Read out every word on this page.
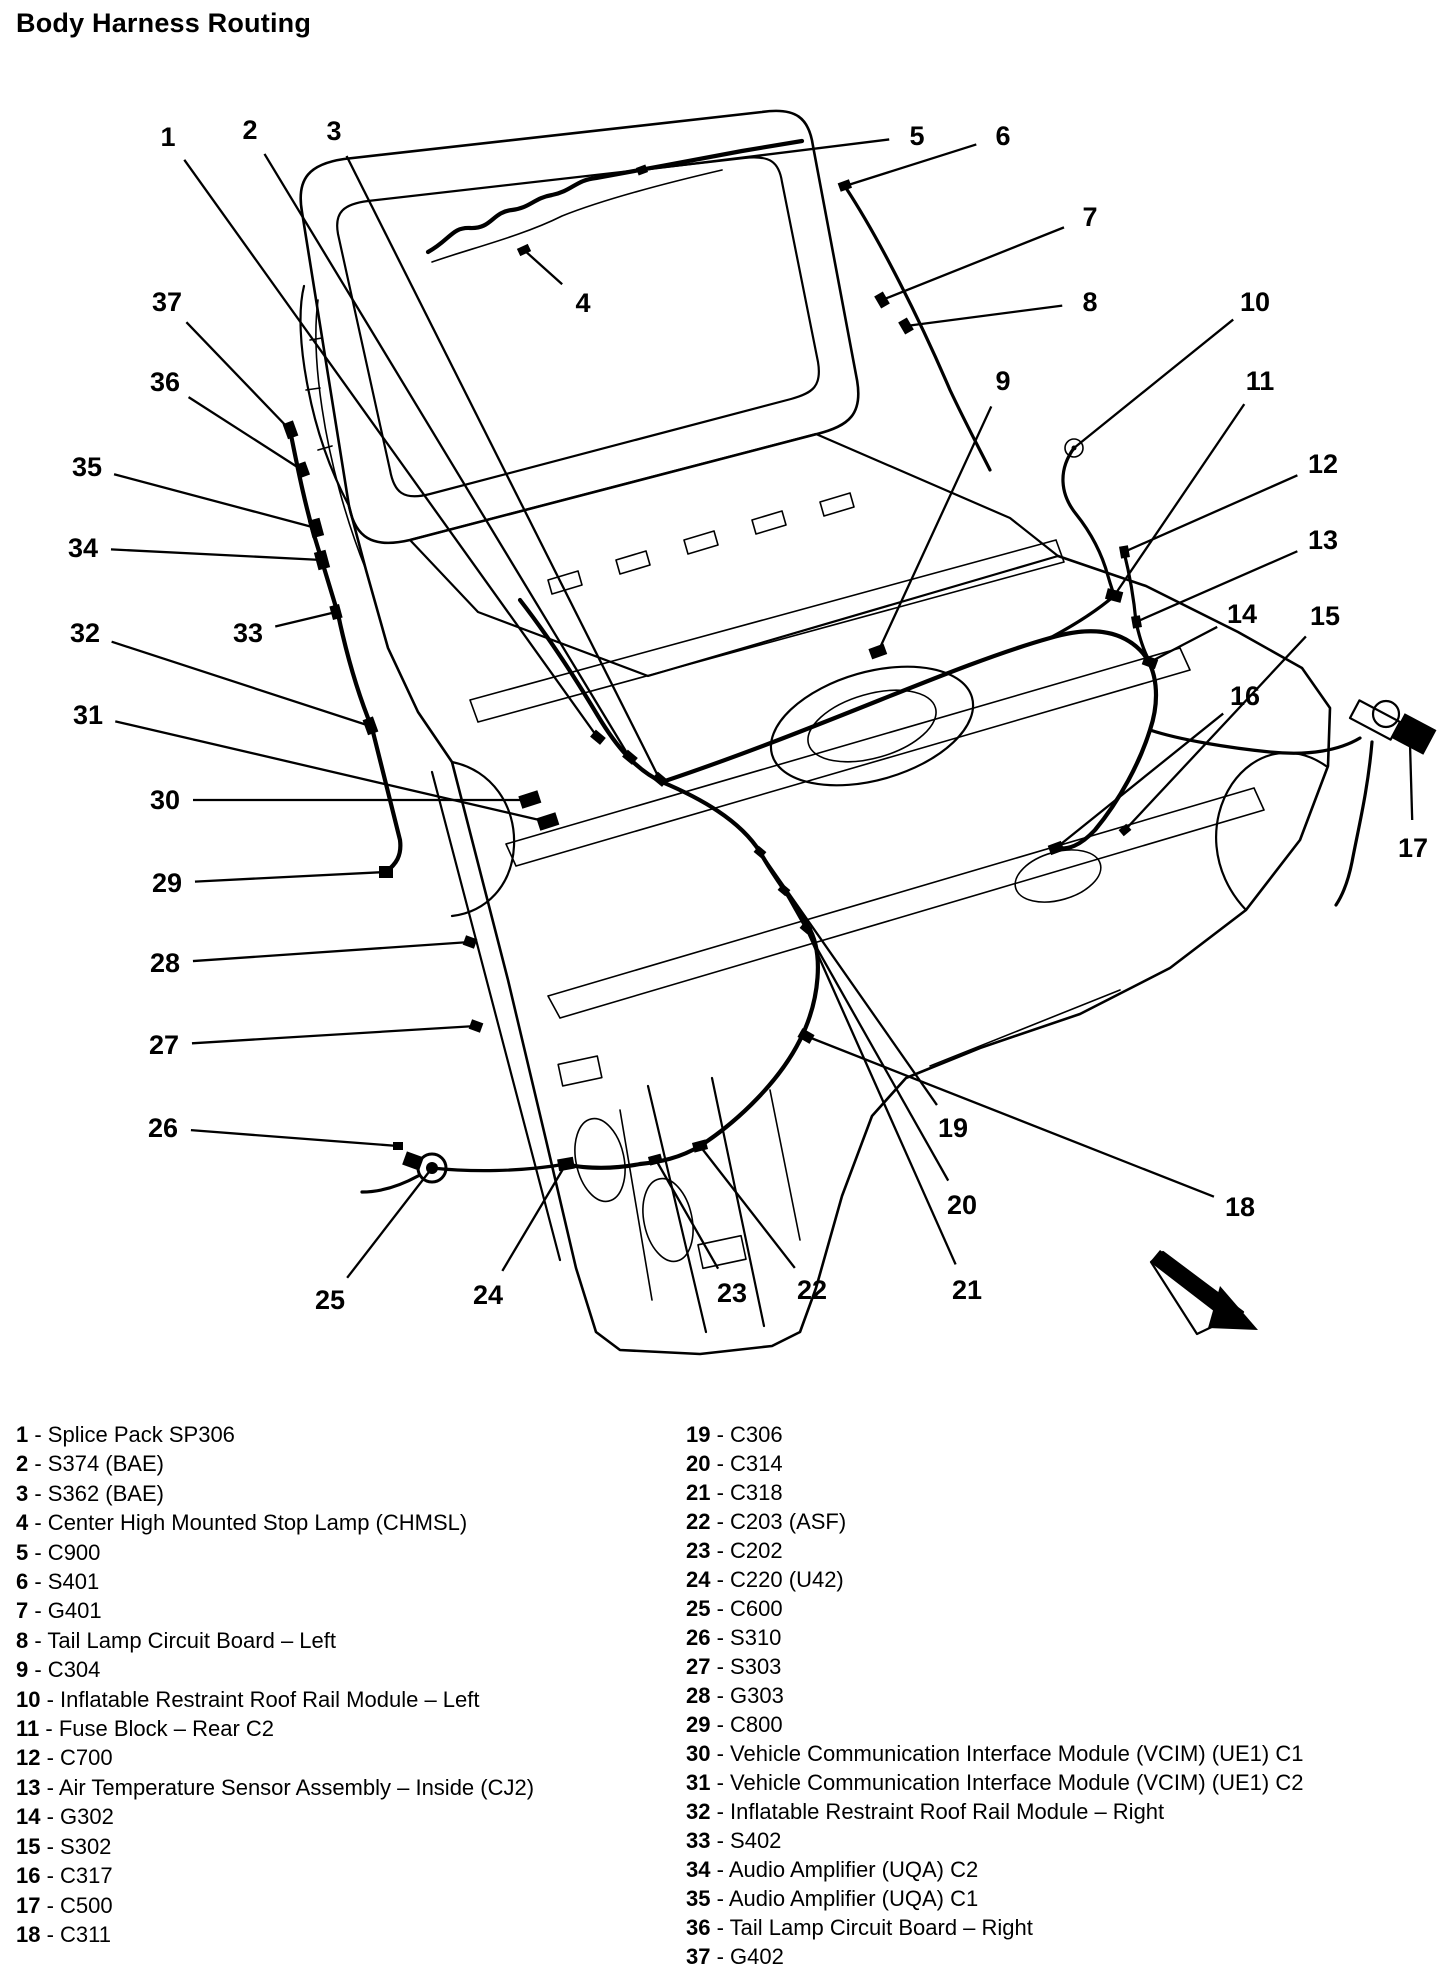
Body Harness Routing
1 2	3
4
5	6
7
8
9
10
11
12
13
14 15
16
17
18
19
20
21
22
23
24
25
26
27
28
29
30
31
32	33
34
35
36
37
1 - Splice Pack SP306
2 - S374 (BAE)
3 - S362 (BAE)
4 - Center High Mounted Stop Lamp (CHMSL)
5 - C900
6 - S401
7 - G401
8 - Tail Lamp Circuit Board – Left
9 - C304
10 - Inflatable Restraint Roof Rail Module – Left
11 - Fuse Block – Rear C2
12 - C700
13 - Air Temperature Sensor Assembly – Inside (CJ2)
14 - G302
15 - S302
16 - C317
17 - C500
18 - C311
19 - C306
20 - C314
21 - C318
22 - C203 (ASF)
23 - C202
24 - C220 (U42)
25 - C600
26 - S310
27 - S303
28 - G303
29 - C800
30 - Vehicle Communication Interface Module (VCIM) (UE1) C1
31 - Vehicle Communication Interface Module (VCIM) (UE1) C2
32 - Inflatable Restraint Roof Rail Module – Right
33 - S402
34 - Audio Amplifier (UQA) C2
35 - Audio Amplifier (UQA) C1
36 - Tail Lamp Circuit Board – Right
37 - G402
